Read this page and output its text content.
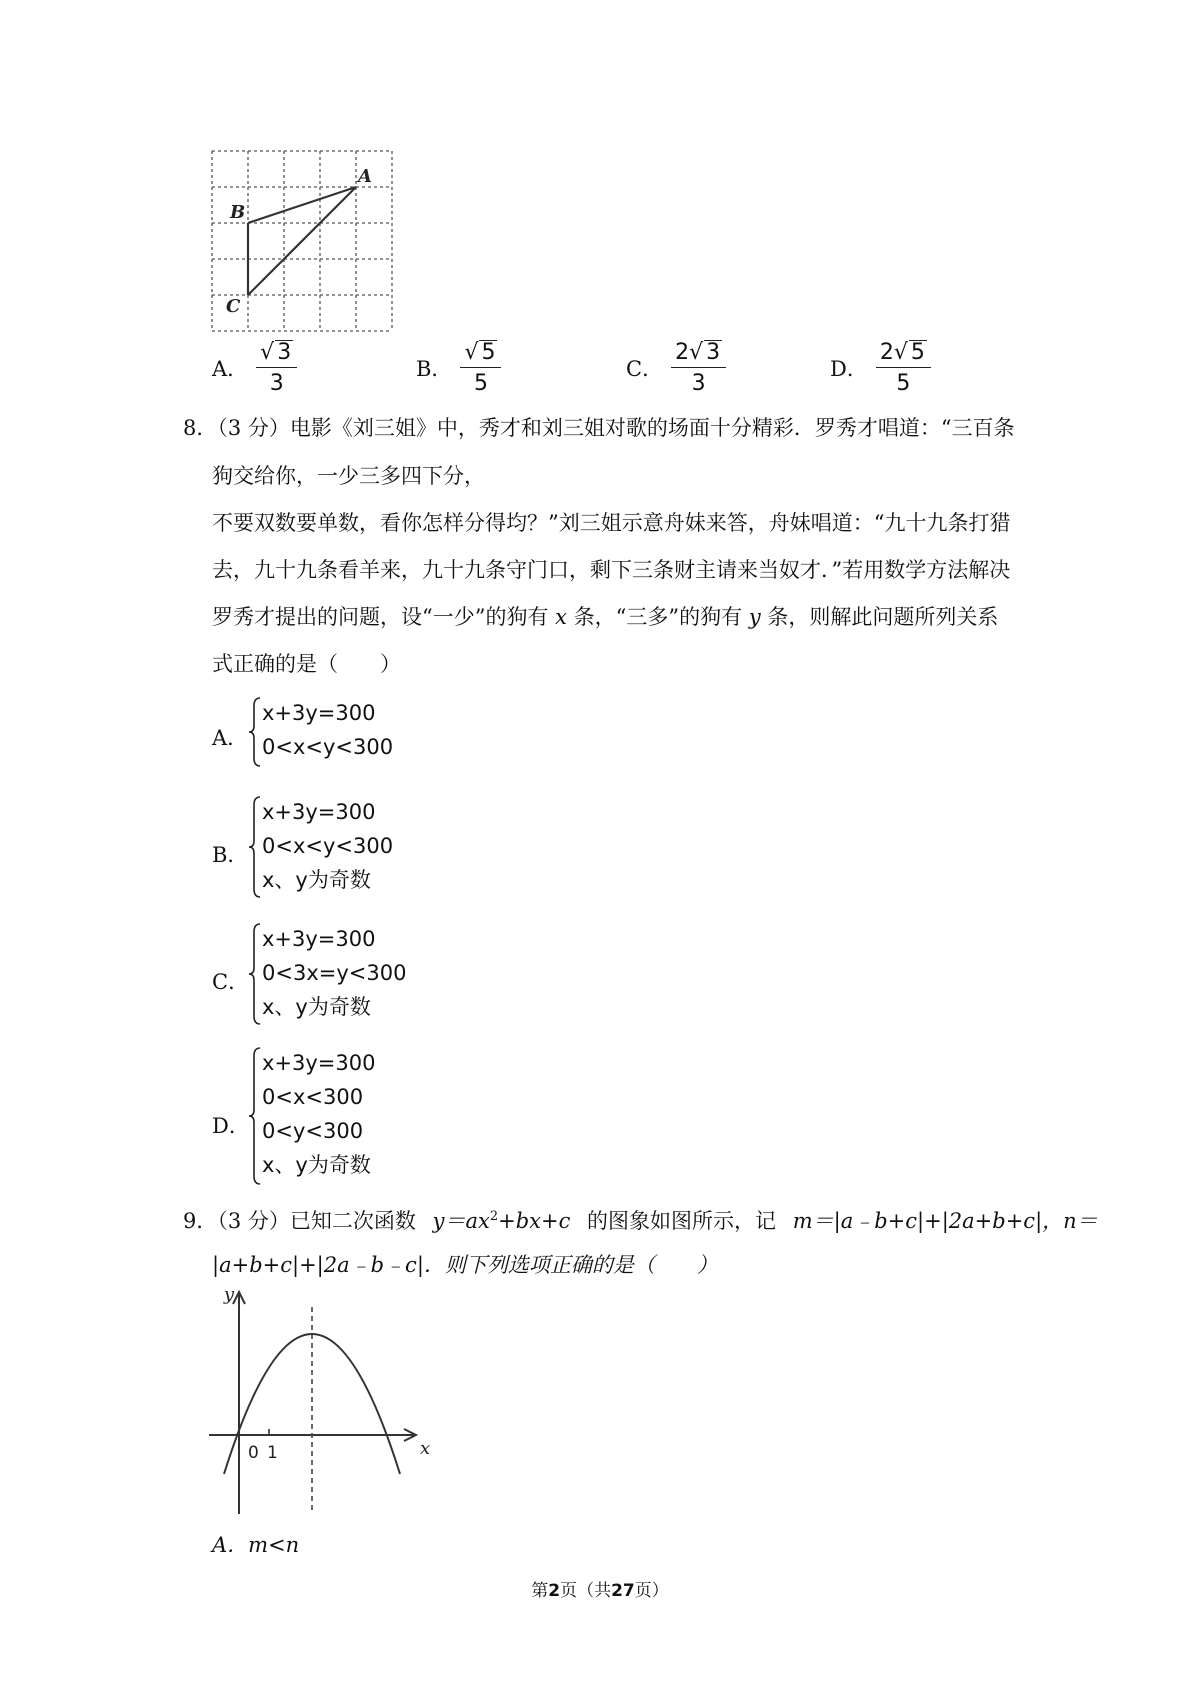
A
B
C
A． $\frac{√ 3}{3}$	B． $\frac{√ 5}{5}$	C． $\frac{2√ 3}{3}$	D． $\frac{2√ 5}{5}$
8．（3 分）电影《刘三姐》中，秀才和刘三姐对歌的场面十分精彩．罗秀才唱道：“三百条
狗交给你，一少三多四下分，
不要双数要单数，看你怎样分得均？”刘三姐示意舟妹来答，舟妹唱道：“九十九条打猎
去，九十九条看羊来，九十九条守门口，剩下三条财主请来当奴才．”若用数学方法解决
罗秀才提出的问题，设“一少”的狗有 x 条，“三多”的狗有 y 条，则解此问题所列关系
式正确的是（　　）
A．
x+3y=300
0<x<y<300
B．
x+3y=300
0<x<y<300
x、y为奇数
C．
x+3y=300
0<3x=y<300
x、y为奇数
D．
x+3y=300
0<x<300
0<y<300
x、y为奇数
9．（3 分）已知二次函数 $y=ax^2+bx+c$ 的图象如图所示，记 m＝|a﹣b+c|+|2a+b+c|，n＝
|a+b+c|+|2a﹣b﹣c|．则下列选项正确的是（　　）
y
x
0 1
A．m<n
第2页（共27页）
